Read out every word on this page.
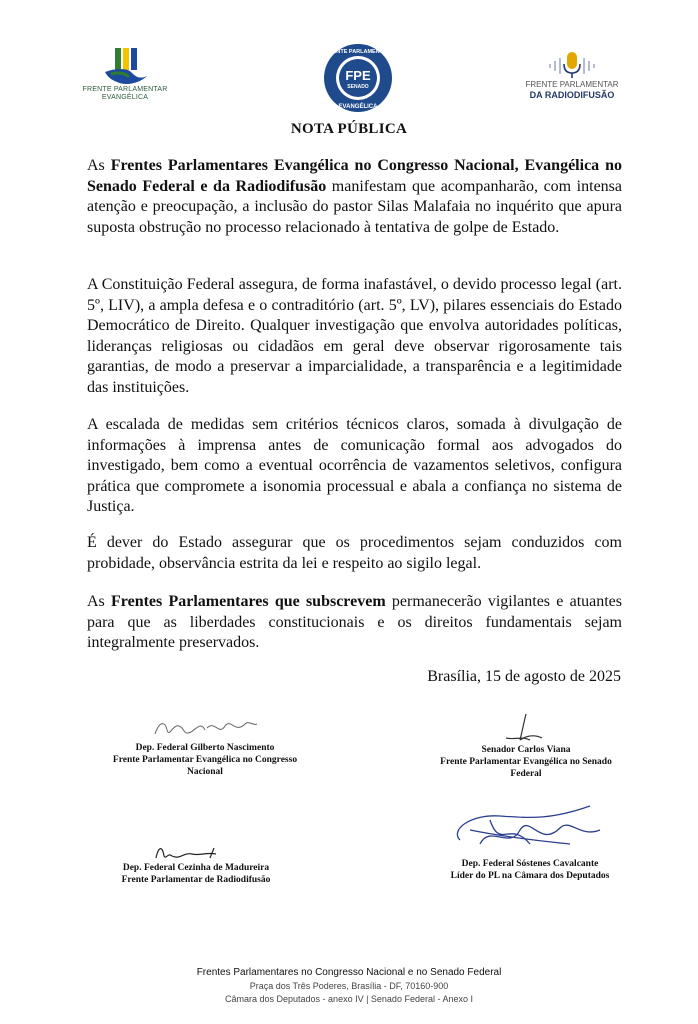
FRENTE PARLAMENTAR
EVANGÉLICA
FPE
SENADO
FRENTE PARLAMENTAR
EVANGÉLICA
FRENTE PARLAMENTAR
DA RADIODIFUSÃO
NOTA PÚBLICA
As Frentes Parlamentares Evangélica no Congresso Nacional, Evangélica no Senado Federal e da Radiodifusão manifestam que acompanharão, com intensa atenção e preocupação, a inclusão do pastor Silas Malafaia no inquérito que apura suposta obstrução no processo relacionado à tentativa de golpe de Estado.
A Constituição Federal assegura, de forma inafastável, o devido processo legal (art. 5º, LIV), a ampla defesa e o contraditório (art. 5º, LV), pilares essenciais do Estado Democrático de Direito. Qualquer investigação que envolva autoridades políticas, lideranças religiosas ou cidadãos em geral deve observar rigorosamente tais garantias, de modo a preservar a imparcialidade, a transparência e a legitimidade das instituições.
A escalada de medidas sem critérios técnicos claros, somada à divulgação de informações à imprensa antes de comunicação formal aos advogados do investigado, bem como a eventual ocorrência de vazamentos seletivos, configura prática que compromete a isonomia processual e abala a confiança no sistema de Justiça.
É dever do Estado assegurar que os procedimentos sejam conduzidos com probidade, observância estrita da lei e respeito ao sigilo legal.
As Frentes Parlamentares que subscrevem permanecerão vigilantes e atuantes para que as liberdades constitucionais e os direitos fundamentais sejam integralmente preservados.
Brasília, 15 de agosto de 2025
Dep. Federal Gilberto Nascimento
Frente Parlamentar Evangélica no Congresso
Nacional
Senador Carlos Viana
Frente Parlamentar Evangélica no Senado
Federal
Dep. Federal Cezinha de Madureira
Frente Parlamentar de Radiodifusão
Dep. Federal Sóstenes Cavalcante
Líder do PL na Câmara dos Deputados
Frentes Parlamentares no Congresso Nacional e no Senado Federal
Praça dos Três Poderes, Brasília - DF, 70160-900
Câmara dos Deputados - anexo IV | Senado Federal - Anexo I
